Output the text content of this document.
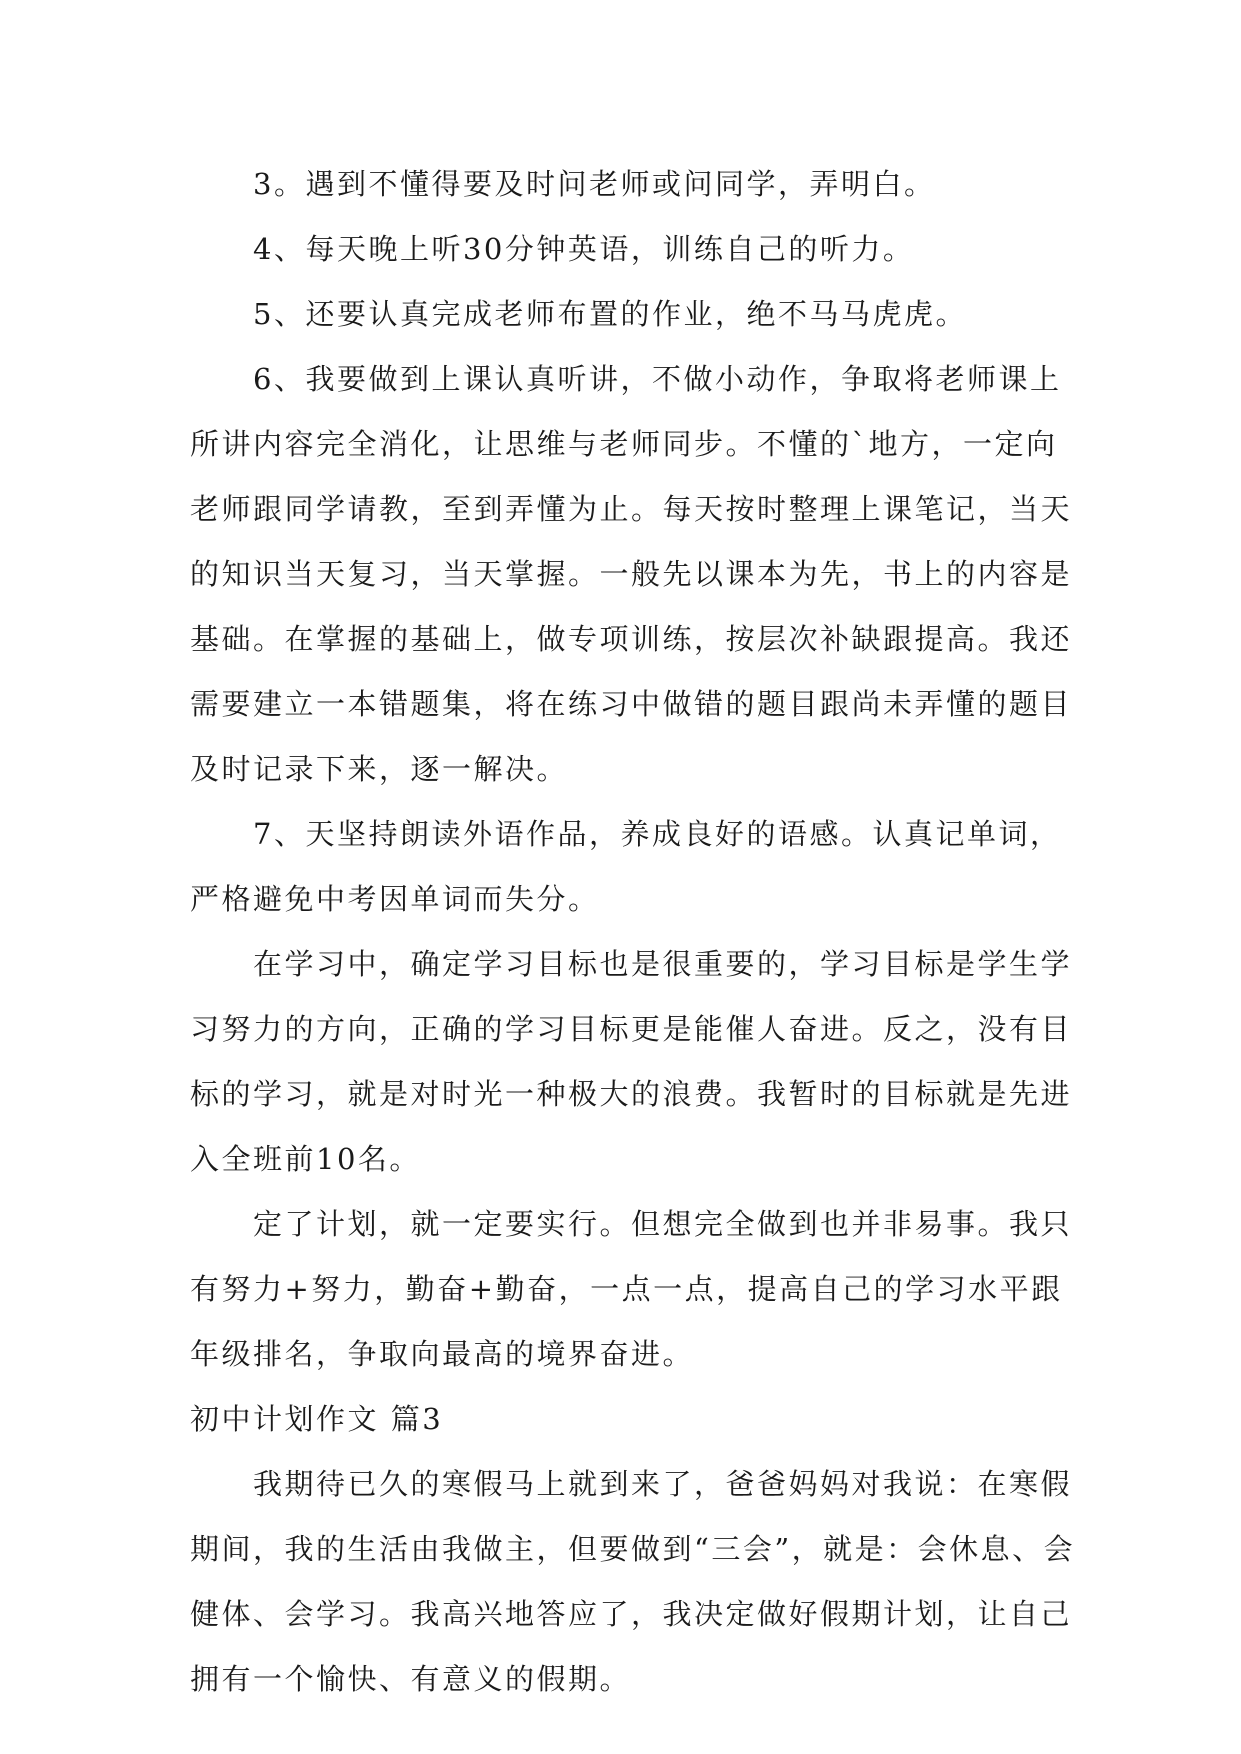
3。遇到不懂得要及时问老师或问同学，弄明白。

4、每天晚上听30分钟英语，训练自己的听力。

5、还要认真完成老师布置的作业，绝不马马虎虎。

6、我要做到上课认真听讲，不做小动作，争取将老师课上所讲内容完全消化，让思维与老师同步。不懂的`地方，一定向老师跟同学请教，至到弄懂为止。每天按时整理上课笔记，当天的知识当天复习，当天掌握。一般先以课本为先，书上的内容是基础。在掌握的基础上，做专项训练，按层次补缺跟提高。我还需要建立一本错题集，将在练习中做错的题目跟尚未弄懂的题目及时记录下来，逐一解决。

7、天坚持朗读外语作品，养成良好的语感。认真记单词，严格避免中考因单词而失分。

在学习中，确定学习目标也是很重要的，学习目标是学生学习努力的方向，正确的学习目标更是能催人奋进。反之，没有目标的学习，就是对时光一种极大的浪费。我暂时的目标就是先进入全班前10名。

定了计划，就一定要实行。但想完全做到也并非易事。我只有努力+努力，勤奋+勤奋，一点一点，提高自己的学习水平跟年级排名，争取向最高的境界奋进。

初中计划作文 篇3

我期待已久的寒假马上就到来了，爸爸妈妈对我说：在寒假期间，我的生活由我做主，但要做到“三会”，就是：会休息、会健体、会学习。我高兴地答应了，我决定做好假期计划，让自己拥有一个愉快、有意义的假期。
